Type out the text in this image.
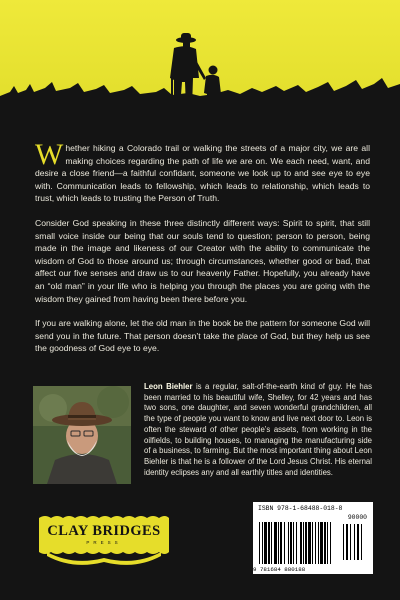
Whether hiking a Colorado trail or walking the streets of a major city, we are all making choices regarding the path of life we are on. We each need, want, and desire a close friend—a faithful confidant, someone we look up to and see eye to eye with. Communication leads to fellowship, which leads to relationship, which leads to trust, which leads to trusting the Person of Truth.

Consider God speaking in these three distinctly different ways: Spirit to spirit, that still small voice inside our being that our souls tend to question; person to person, being made in the image and likeness of our Creator with the ability to communicate the wisdom of God to those around us; through circumstances, whether good or bad, that affect our five senses and draw us to our heavenly Father. Hopefully, you already have an “old man” in your life who is helping you through the places you are going with the wisdom they gained from having been there before you.

If you are walking alone, let the old man in the book be the pattern for someone God will send you in the future. That person doesn’t take the place of God, but they help us see the goodness of God eye to eye.

Leon Biehler is a regular, salt-of-the-earth kind of guy. He has been married to his beautiful wife, Shelley, for 42 years and has two sons, one daughter, and seven wonderful grandchildren, all the type of people you want to know and live next door to. Leon is often the steward of other people’s assets, from working in the oilfields, to building houses, to managing the manufacturing side of a business, to farming. But the most important thing about Leon Biehler is that he is a follower of the Lord Jesus Christ. His eternal identity eclipses any and all earthly titles and identities.
CLAY BRIDGES
PRESS
ISBN 978-1-68488-018-8
90000
9 781684 880188
